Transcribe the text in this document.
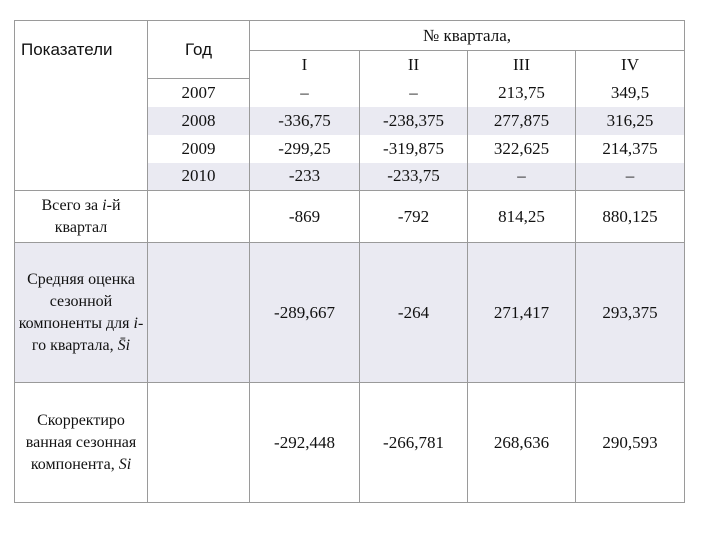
Показатели	Год	№ квартала,			
		I	II	III	IV
	2007	–	–	213,75	349,5
	2008	-336,75	-238,375	277,875	316,25
	2009	-299,25	-319,875	322,625	214,375
	2010	-233	-233,75	–	–
Всего за i-й квартал		-869	-792	814,25	880,125
Средняя оценка сезонной компоненты для i-го квартала, S̄i		-289,667	-264	271,417	293,375
Скорректиро ванная сезонная компонента, Si		-292,448	-266,781	268,636	290,593
